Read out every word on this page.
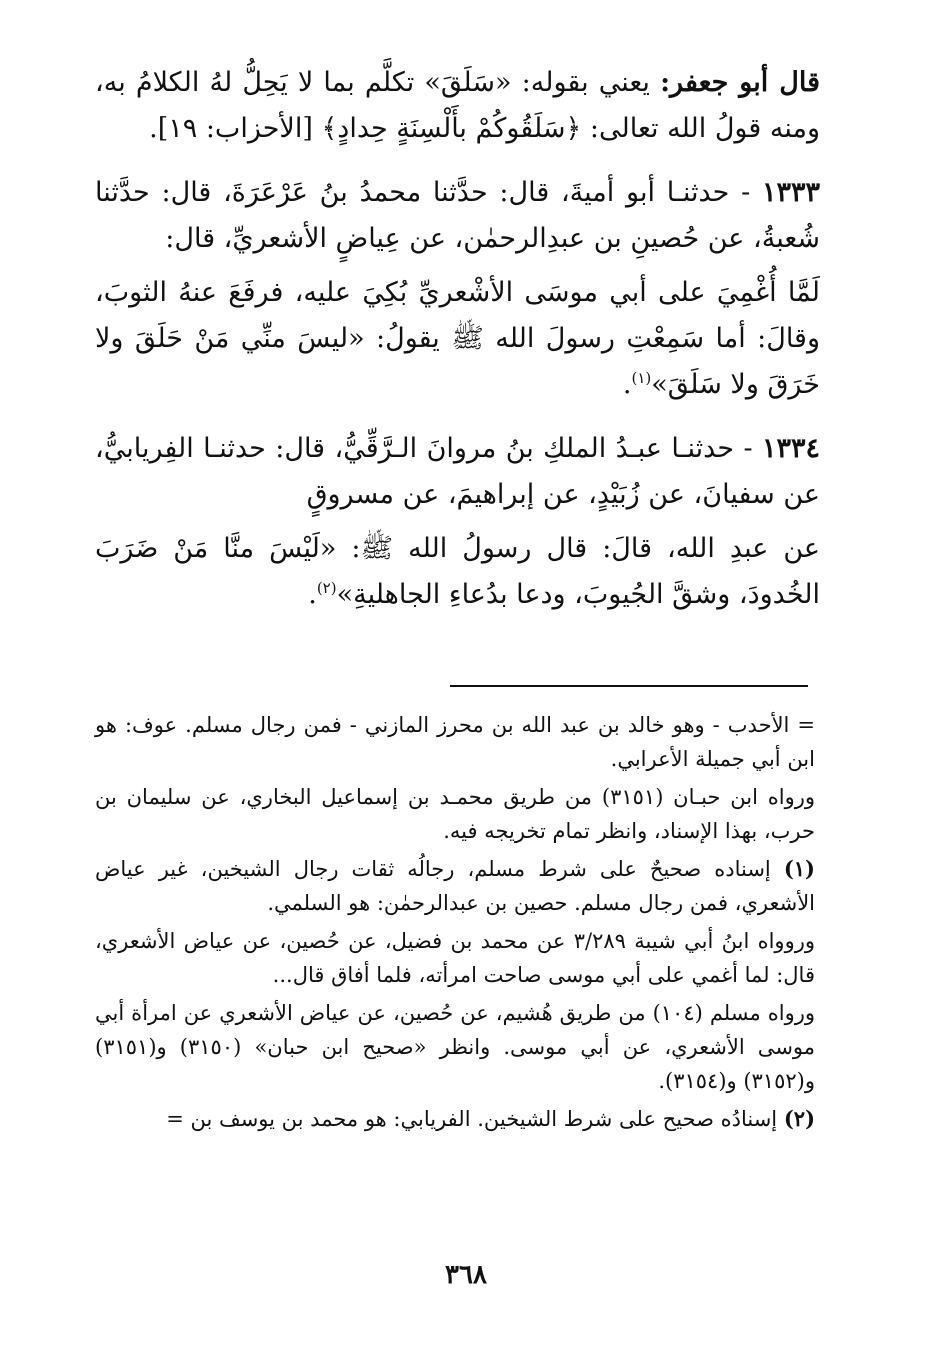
قال أبو جعفر: يعني بقوله: «سَلَقَ» تكلَّم بما لا يَحِلُّ لهُ الكلامُ به، ومنه قولُ الله تعالى: ﴿سَلَقُوكُمْ بأَلْسِنَةٍ حِدادٍ﴾ [الأحزاب: ١٩].

١٣٣٣ - حدثنـا أبو أميةَ، قال: حدَّثنا محمدُ بنُ عَرْعَرَةَ، قال: حدَّثنا شُعبةُ، عن حُصينِ بن عبدِالرحمٰن، عن عِياضٍ الأشعريِّ، قال:

لَمَّا أُغْمِيَ على أبي موسَى الأشْعريِّ بُكِيَ عليه، فرفَعَ عنهُ الثوبَ، وقالَ: أما سَمِعْتِ رسولَ الله ﷺ يقولُ: «ليسَ منِّي مَنْ حَلَقَ ولا خَرَقَ ولا سَلَقَ»$^{(١)}$.

١٣٣٤ - حدثنـا عبـدُ الملكِ بنُ مروانَ الـرَّقِّيُّ، قال: حدثنـا الفِريابيُّ، عن سفيانَ، عن زُبَيْدٍ، عن إبراهيمَ، عن مسروقٍ

عن عبدِ الله، قالَ: قال رسولُ الله ﷺ: «لَيْسَ منَّا مَنْ ضَرَبَ الخُدودَ، وشقَّ الجُيوبَ، ودعا بدُعاءِ الجاهليةِ»$^{(٢)}$.

= الأحدب - وهو خالد بن عبد الله بن محرز المازني - فمن رجال مسلم. عوف: هو ابن أبي جميلة الأعرابي.

ورواه ابن حبـان (٣١٥١) من طريق محمـد بن إسماعيل البخاري، عن سليمان بن حرب، بهذا الإسناد، وانظر تمام تخريجه فيه.

(١) إسناده صحيحٌ على شرط مسلم، رجالُه ثقات رجال الشيخين، غير عياض الأشعري، فمن رجال مسلم. حصين بن عبدالرحمٰن: هو السلمي.

وروواه ابنُ أبي شيبة ٣/٢٨٩ عن محمد بن فضيل، عن حُصين، عن عياض الأشعري، قال: لما أغمي على أبي موسى صاحت امرأته، فلما أفاق قال...

ورواه مسلم (١٠٤) من طريق هُشيم، عن حُصين، عن عياض الأشعري عن امرأة أبي موسى الأشعري، عن أبي موسى. وانظر «صحيح ابن حبان» (٣١٥٠) و(٣١٥١) و(٣١٥٢) و(٣١٥٤).

(٢) إسنادُه صحيح على شرط الشيخين. الفريابي: هو محمد بن يوسف بن =

٣٦٨
